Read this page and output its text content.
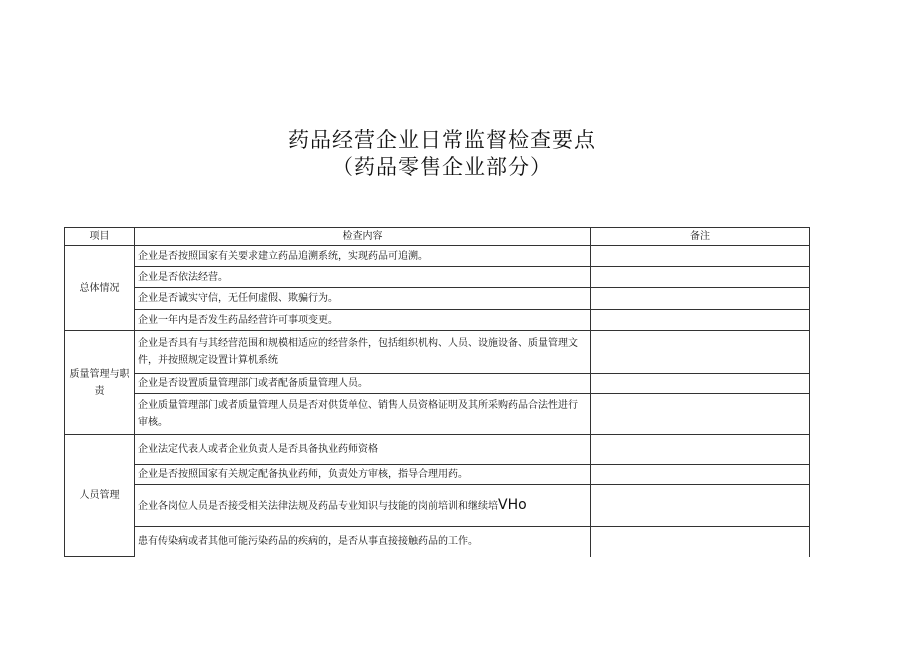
药品经营企业日常监督检查要点
（药品零售企业部分）
项目	检查内容	备注
总体情况	企业是否按照国家有关要求建立药品追溯系统，实现药品可追溯。	
	企业是否依法经营。	
	企业是否诚实守信，无任何虚假、欺骗行为。	
	企业一年内是否发生药品经营许可事项变更。	
质量管理与职责	企业是否具有与其经营范围和规模相适应的经营条件，包括组织机构、人员、设施设备、质量管理文件，并按照规定设置计算机系统	
	企业是否设置质量管理部门或者配备质量管理人员。	
	企业质量管理部门或者质量管理人员是否对供货单位、销售人员资格证明及其所采购药品合法性进行审核。	
人员管理	企业法定代表人或者企业负责人是否具备执业药师资格	
	企业是否按照国家有关规定配备执业药师，负责处方审核，指导合理用药。	
	企业各岗位人员是否接受相关法律法规及药品专业知识与技能的岗前培训和继续培VHo	
	患有传染病或者其他可能污染药品的疾病的，是否从事直接接触药品的工作。	
